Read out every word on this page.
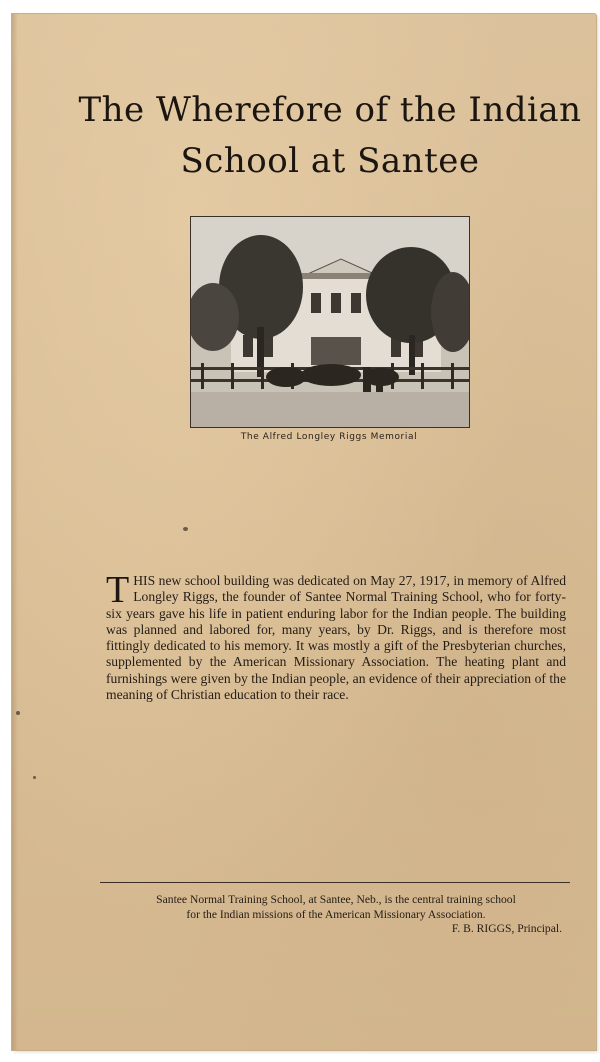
The Wherefore of the Indian
School at Santee
The Alfred Longley Riggs Memorial
THIS new school building was dedicated on May 27, 1917, in memory of Alfred Longley Riggs, the founder of Santee Normal Training School, who for forty-six years gave his life in patient enduring labor for the Indian people. The building was planned and labored for, many years, by Dr. Riggs, and is therefore most fittingly dedicated to his memory. It was mostly a gift of the Presbyterian churches, supplemented by the American Missionary Association. The heating plant and furnishings were given by the Indian people, an evidence of their appreciation of the meaning of Christian education to their race.
Santee Normal Training School, at Santee, Neb., is the central training school
for the Indian missions of the American Missionary Association.
F. B. RIGGS, Principal.
